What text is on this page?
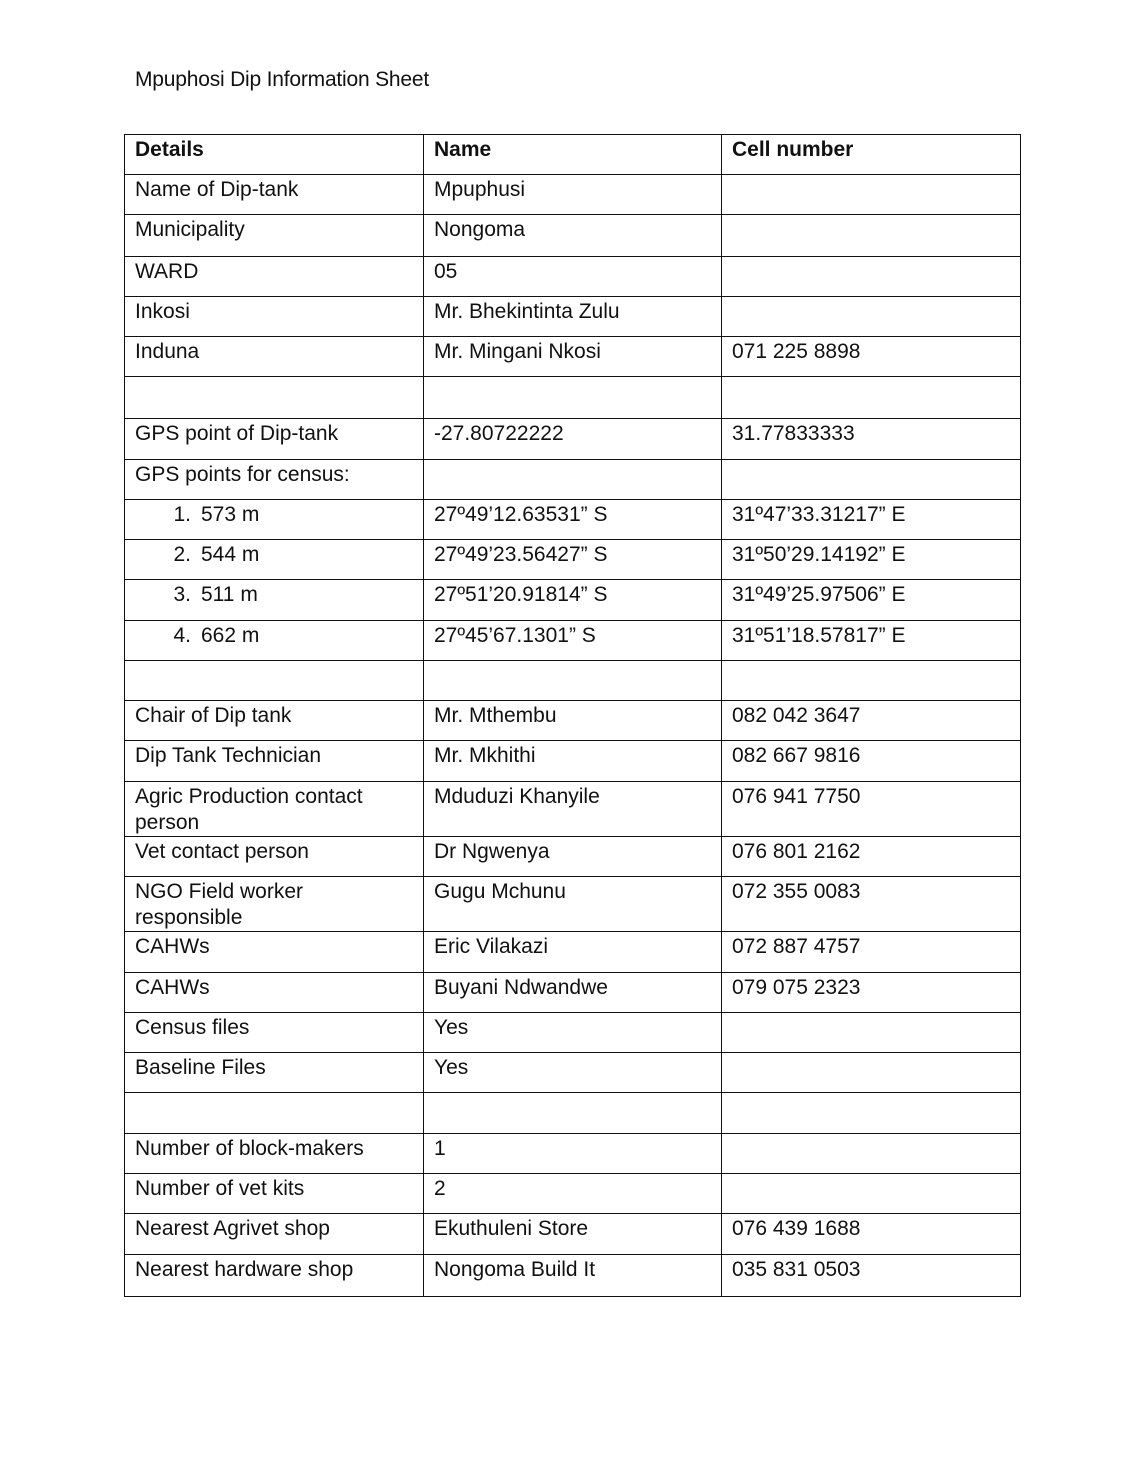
Mpuphosi Dip Information Sheet
Details	Name	Cell number
Name of Dip-tank	Mpuphusi	
Municipality	Nongoma	
WARD	05	
Inkosi	Mr. Bhekintinta Zulu	
Induna	Mr. Mingani Nkosi	071 225 8898

GPS point of Dip-tank	-27.80722222	31.77833333
GPS points for census:		
1. 573 m	27º49’12.63531” S	31º47’33.31217” E
2. 544 m	27º49’23.56427” S	31º50’29.14192” E
3. 511 m	27º51’20.91814” S	31º49’25.97506” E
4. 662 m	27º45’67.1301” S	31º51’18.57817” E

Chair of Dip tank	Mr. Mthembu	082 042 3647
Dip Tank Technician	Mr. Mkhithi	082 667 9816
Agric Production contact person	Mduduzi Khanyile	076 941 7750
Vet contact person	Dr Ngwenya	076 801 2162
NGO Field worker responsible	Gugu Mchunu	072 355 0083
CAHWs	Eric Vilakazi	072 887 4757
CAHWs	Buyani Ndwandwe	079 075 2323
Census files	Yes	
Baseline Files	Yes	

Number of block-makers	1	
Number of vet kits	2	
Nearest Agrivet shop	Ekuthuleni Store	076 439 1688
Nearest hardware shop	Nongoma Build It	035 831 0503
